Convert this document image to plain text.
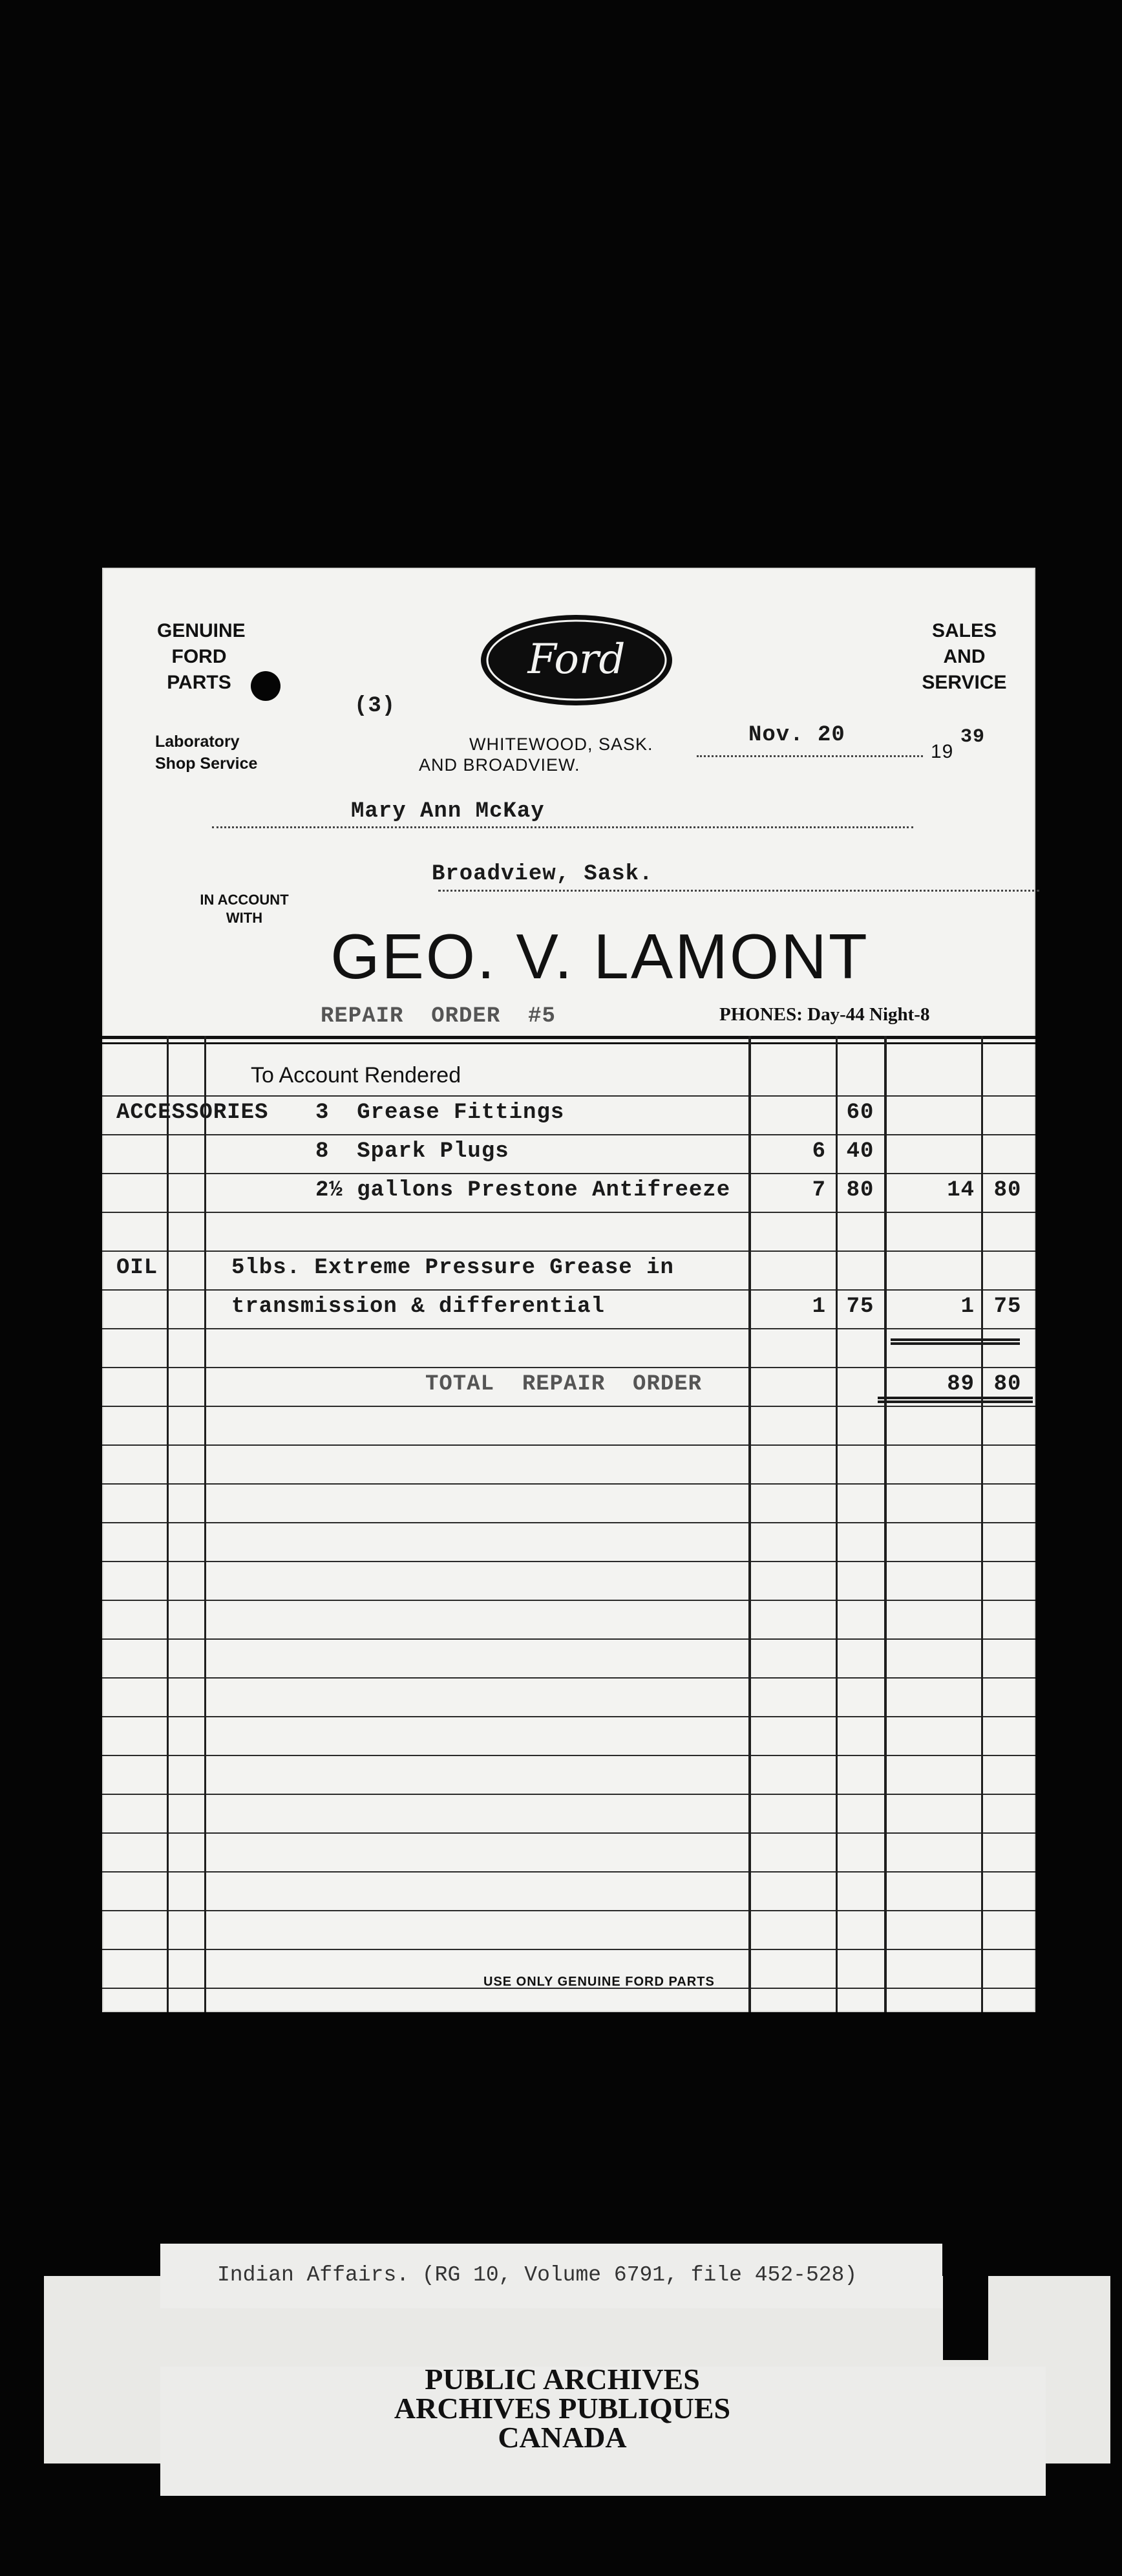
GENUINE
FORD
PARTS
SALES
AND
SERVICE
Laboratory
Shop Service
Ford
(3)
WHITEWOOD, SASK.
AND BROADVIEW.
Nov. 20
19
39
Mary Ann McKay
Broadview, Sask.
IN ACCOUNT
WITH
GEO. V. LAMONT
REPAIR  ORDER  #5	PHONES: Day-44 Night-8
To Account Rendered
ACCESSORIES 3  Grease Fittings	60
8  Spark Plugs	6 40
2½ gallons Prestone Antifreeze	7 80	14 80
OIL	5lbs. Extreme Pressure Grease in
transmission & differential	1 75	1 75
TOTAL  REPAIR  ORDER	89 80
USE ONLY GENUINE FORD PARTS
Indian Affairs. (RG 10, Volume 6791, file 452-528)
PUBLIC ARCHIVES
ARCHIVES PUBLIQUES
CANADA
